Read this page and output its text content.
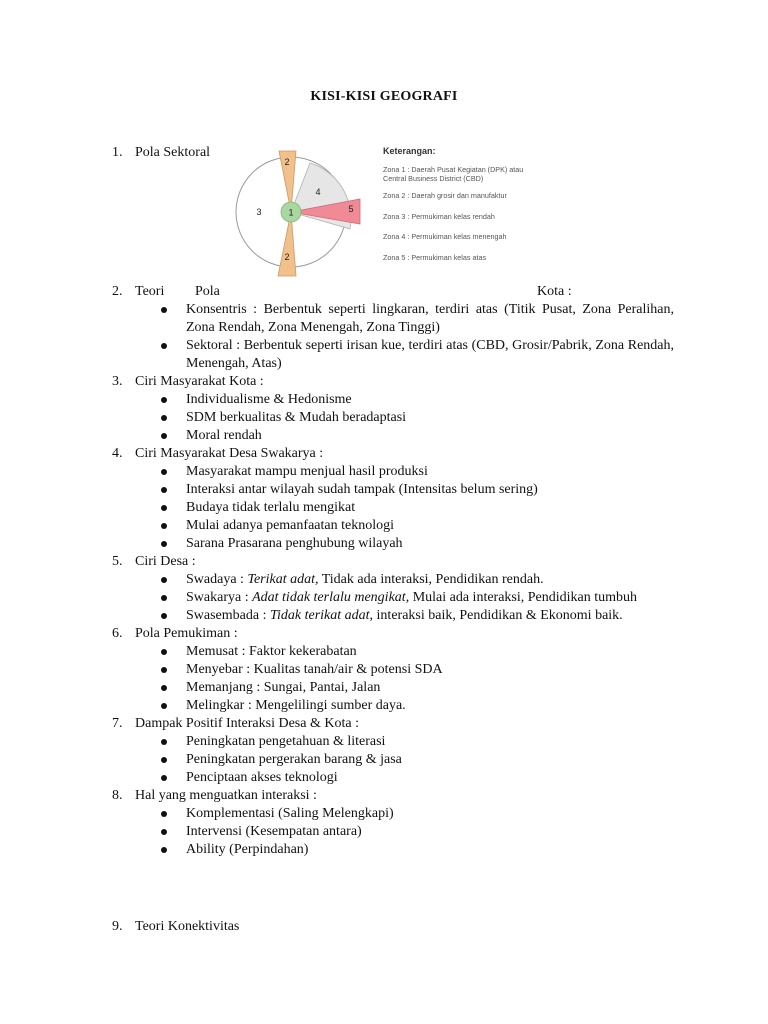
KISI-KISI GEOGRAFI
1. Pola Sektoral
1
2
2
3
4
5
Keterangan:
Zona 1 : Daerah Pusat Kegiatan (DPK) atau Central Business District (CBD)
Zona 2 : Daerah grosir dan manufaktur
Zona 3 : Permukiman kelas rendah
Zona 4 : Permukiman kelas menengah
Zona 5 : Permukiman kelas atas
2. Teori Pola	Kota :
Konsentris : Berbentuk seperti lingkaran, terdiri atas (Titik Pusat, Zona Peralihan, Zona Rendah, Zona Menengah, Zona Tinggi)
Sektoral : Berbentuk seperti irisan kue, terdiri atas (CBD, Grosir/Pabrik, Zona Rendah, Menengah, Atas)
3. Ciri Masyarakat Kota :
Individualisme & Hedonisme
SDM berkualitas & Mudah beradaptasi
Moral rendah
4. Ciri Masyarakat Desa Swakarya :
Masyarakat mampu menjual hasil produksi
Interaksi antar wilayah sudah tampak (Intensitas belum sering)
Budaya tidak terlalu mengikat
Mulai adanya pemanfaatan teknologi
Sarana Prasarana penghubung wilayah
5. Ciri Desa :
Swadaya : Terikat adat, Tidak ada interaksi, Pendidikan rendah.
Swakarya : Adat tidak terlalu mengikat, Mulai ada interaksi, Pendidikan tumbuh
Swasembada : Tidak terikat adat, interaksi baik, Pendidikan & Ekonomi baik.
6. Pola Pemukiman :
Memusat : Faktor kekerabatan
Menyebar : Kualitas tanah/air & potensi SDA
Memanjang : Sungai, Pantai, Jalan
Melingkar : Mengelilingi sumber daya.
7. Dampak Positif Interaksi Desa & Kota :
Peningkatan pengetahuan & literasi
Peningkatan pergerakan barang & jasa
Penciptaan akses teknologi
8. Hal yang menguatkan interaksi :
Komplementasi (Saling Melengkapi)
Intervensi (Kesempatan antara)
Ability (Perpindahan)
9. Teori Konektivitas
